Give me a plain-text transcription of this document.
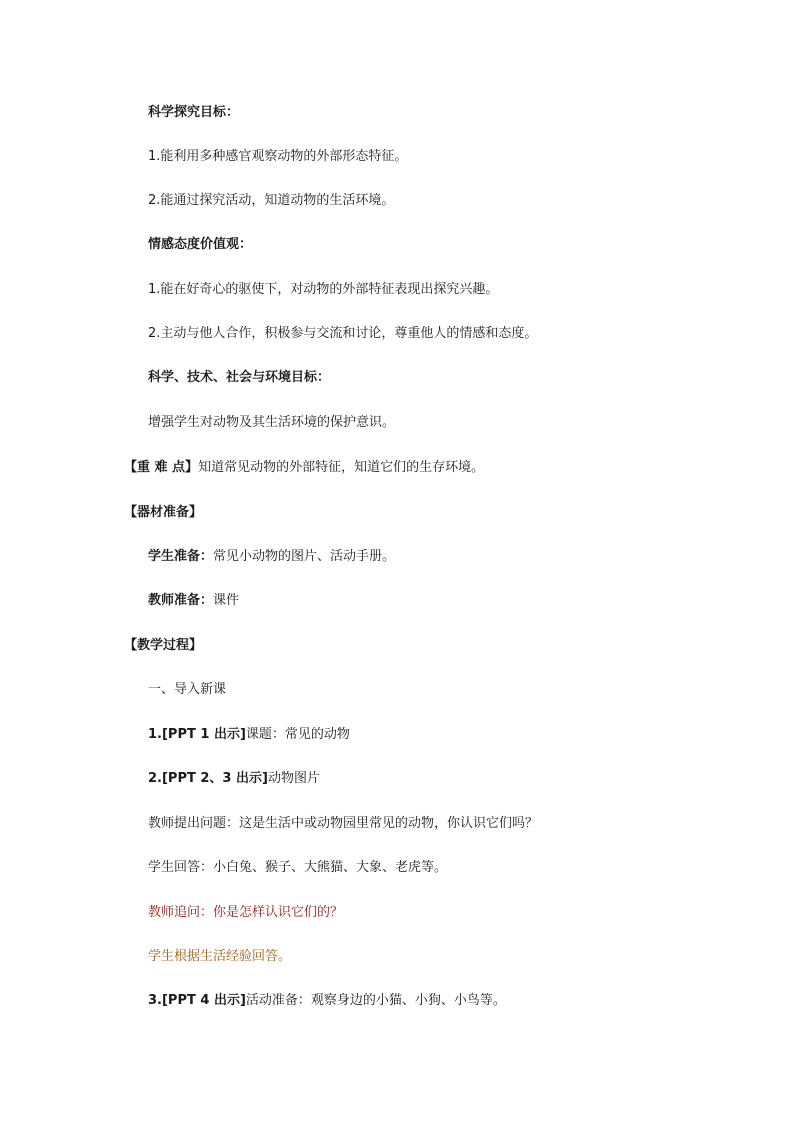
科学探究目标：
1.能利用多种感官观察动物的外部形态特征。
2.能通过探究活动，知道动物的生活环境。
情感态度价值观：
1.能在好奇心的驱使下，对动物的外部特征表现出探究兴趣。
2.主动与他人合作，积极参与交流和讨论，尊重他人的情感和态度。
科学、技术、社会与环境目标：
增强学生对动物及其生活环境的保护意识。
【重 难 点】知道常见动物的外部特征，知道它们的生存环境。
【器材准备】
学生准备：常见小动物的图片、活动手册。
教师准备：课件
【教学过程】
一、导入新课
1.[PPT 1 出示]课题：常见的动物
2.[PPT 2、3 出示]动物图片
教师提出问题：这是生活中或动物园里常见的动物，你认识它们吗？
学生回答：小白兔、猴子、大熊猫、大象、老虎等。
教师追问：你是怎样认识它们的？
学生根据生活经验回答。
3.[PPT 4 出示]活动准备：观察身边的小猫、小狗、小鸟等。
